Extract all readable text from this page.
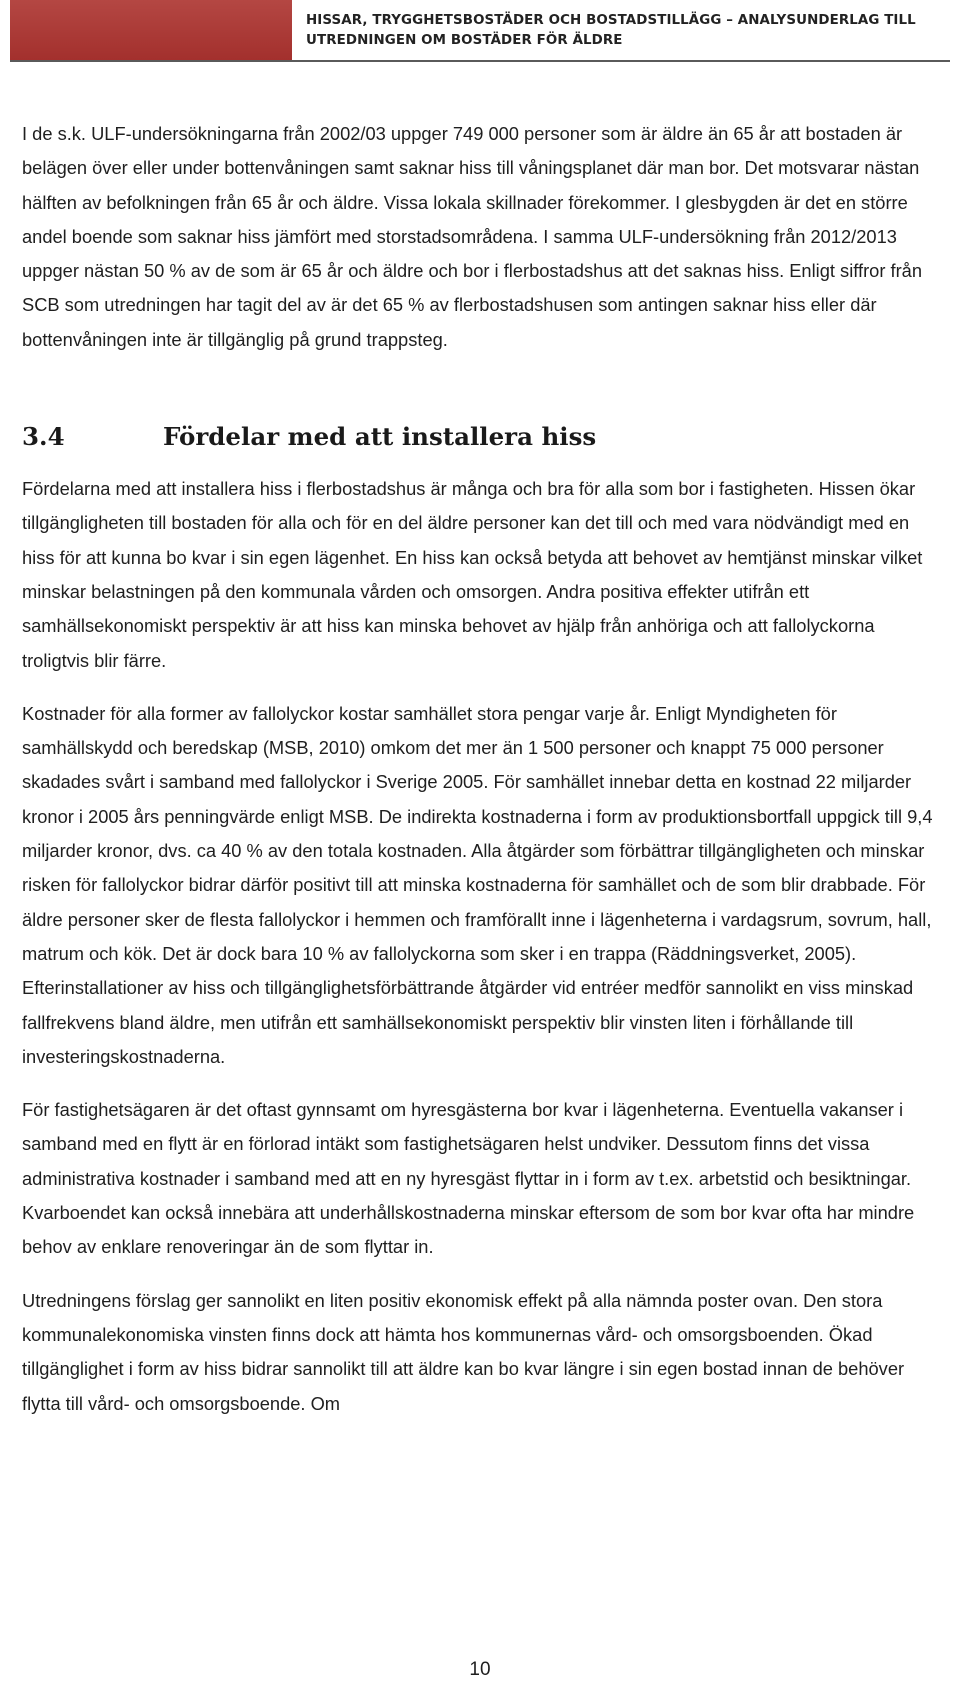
HISSAR, TRYGGHETSBOSTÄDER OCH BOSTADSTILLÄGG – ANALYSUNDERLAG TILL
UTREDNINGEN OM BOSTÄDER FÖR ÄLDRE

I de s.k. ULF-undersökningarna från 2002/03 uppger 749 000 personer som är äldre än 65 år att bostaden är belägen över eller under bottenvåningen samt saknar hiss till våningsplanet där man bor. Det motsvarar nästan hälften av befolkningen från 65 år och äldre. Vissa lokala skillnader förekommer. I glesbygden är det en större andel boende som saknar hiss jämfört med storstadsområdena. I samma ULF-undersökning från 2012/2013 uppger nästan 50 % av de som är 65 år och äldre och bor i flerbostadshus att det saknas hiss. Enligt siffror från SCB som utredningen har tagit del av är det 65 % av flerbostadshusen som antingen saknar hiss eller där bottenvåningen inte är tillgänglig på grund trappsteg.

3.4	Fördelar med att installera hiss

Fördelarna med att installera hiss i flerbostadshus är många och bra för alla som bor i fastigheten. Hissen ökar tillgängligheten till bostaden för alla och för en del äldre personer kan det till och med vara nödvändigt med en hiss för att kunna bo kvar i sin egen lägenhet. En hiss kan också betyda att behovet av hemtjänst minskar vilket minskar belastningen på den kommunala vården och omsorgen. Andra positiva effekter utifrån ett samhällsekonomiskt perspektiv är att hiss kan minska behovet av hjälp från anhöriga och att fallolyckorna troligtvis blir färre.

Kostnader för alla former av fallolyckor kostar samhället stora pengar varje år. Enligt Myndigheten för samhällskydd och beredskap (MSB, 2010) omkom det mer än 1 500 personer och knappt 75 000 personer skadades svårt i samband med fallolyckor i Sverige 2005. För samhället innebar detta en kostnad 22 miljarder kronor i 2005 års penningvärde enligt MSB. De indirekta kostnaderna i form av produktionsbortfall uppgick till 9,4 miljarder kronor, dvs. ca 40 % av den totala kostnaden. Alla åtgärder som förbättrar tillgängligheten och minskar risken för fallolyckor bidrar därför positivt till att minska kostnaderna för samhället och de som blir drabbade. För äldre personer sker de flesta fallolyckor i hemmen och framförallt inne i lägenheterna i vardagsrum, sovrum, hall, matrum och kök. Det är dock bara 10 % av fallolyckorna som sker i en trappa (Räddningsverket, 2005). Efterinstallationer av hiss och tillgänglighetsförbättrande åtgärder vid entréer medför sannolikt en viss minskad fallfrekvens bland äldre, men utifrån ett samhällsekonomiskt perspektiv blir vinsten liten i förhållande till investeringskostnaderna.

För fastighetsägaren är det oftast gynnsamt om hyresgästerna bor kvar i lägenheterna. Eventuella vakanser i samband med en flytt är en förlorad intäkt som fastighetsägaren helst undviker. Dessutom finns det vissa administrativa kostnader i samband med att en ny hyresgäst flyttar in i form av t.ex. arbetstid och besiktningar. Kvarboendet kan också innebära att underhållskostnaderna minskar eftersom de som bor kvar ofta har mindre behov av enklare renoveringar än de som flyttar in.

Utredningens förslag ger sannolikt en liten positiv ekonomisk effekt på alla nämnda poster ovan. Den stora kommunalekonomiska vinsten finns dock att hämta hos kommunernas vård- och omsorgsboenden. Ökad tillgänglighet i form av hiss bidrar sannolikt till att äldre kan bo kvar längre i sin egen bostad innan de behöver flytta till vård- och omsorgsboende. Om

10
